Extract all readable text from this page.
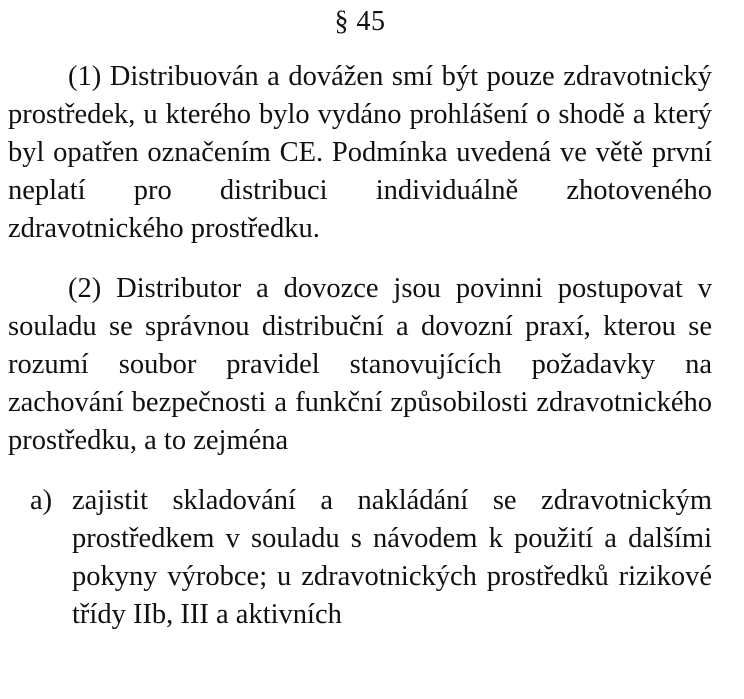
§ 45

(1) Distribuován a dovážen smí být pouze zdravotnický prostředek, u kterého bylo vydáno prohlášení o shodě a který byl opatřen označením CE. Podmínka uvedená ve větě první neplatí pro distribuci individuálně zhotoveného zdravotnického prostředku.

(2) Distributor a dovozce jsou povinni postupovat v souladu se správnou distribuční a dovozní praxí, kterou se rozumí soubor pravidel stanovujících požadavky na zachování bezpečnosti a funkční způsobilosti zdravotnického prostředku, a to zejména

a) zajistit skladování a nakládání se zdravotnickým prostředkem v souladu s návodem k použití a dalšími pokyny výrobce; u zdravotnických prostředků rizikové třídy IIb, III a aktivních
